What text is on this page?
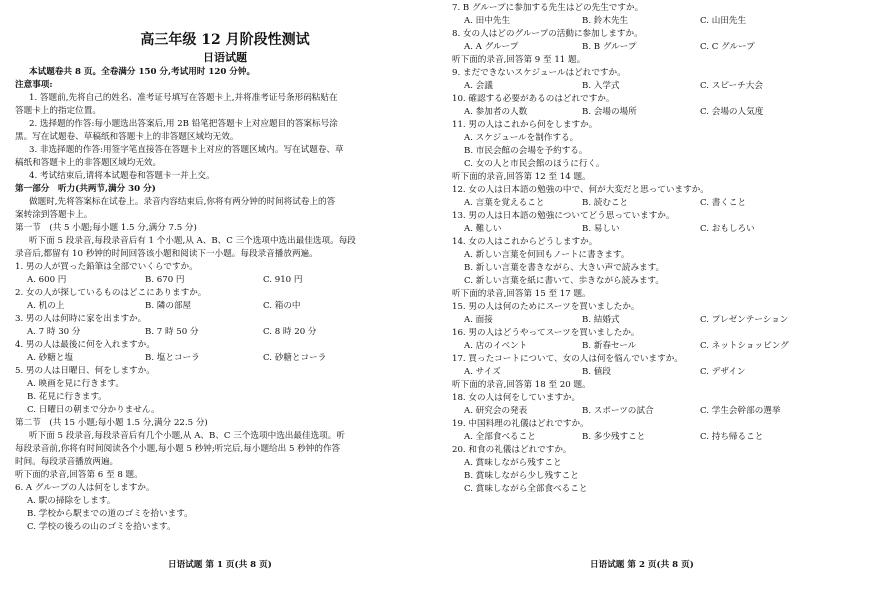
高三年级 12 月阶段性测试
日语试题
本试题卷共 8 页。全卷满分 150 分,考试用时 120 分钟。
注意事项:
1. 答题前,先将自己的姓名、准考证号填写在答题卡上,并将准考证号条形码粘贴在
答题卡上的指定位置。
2. 选择题的作答:每小题选出答案后,用 2B 铅笔把答题卡上对应题目的答案标号涂
黑。写在试题卷、草稿纸和答题卡上的非答题区域均无效。
3. 非选择题的作答:用签字笔直接答在答题卡上对应的答题区域内。写在试题卷、草
稿纸和答题卡上的非答题区域均无效。
4. 考试结束后,请将本试题卷和答题卡一并上交。
第一部分　听力(共两节,满分 30 分)
做题时,先将答案标在试卷上。录音内容结束后,你将有两分钟的时间将试卷上的答
案转涂到答题卡上。
第一节　(共 5 小题;每小题 1.5 分,满分 7.5 分)
听下面 5 段录音,每段录音后有 1 个小题,从 A、B、C 三个选项中选出最佳选项。每段
录音后,都留有 10 秒钟的时间回答该小题和阅读下一小题。每段录音播放两遍。
1. 男の人が買った鉛筆は全部でいくらですか。
A. 600 円	B. 670 円	C. 910 円
2. 女の人が探しているものはどこにありますか。
A. 机の上	B. 隣の部屋	C. 箱の中
3. 男の人は何時に家を出ますか。
A. 7 時 30 分	B. 7 時 50 分	C. 8 時 20 分
4. 男の人は最後に何を入れますか。
A. 砂糖と塩	B. 塩とコーラ	C. 砂糖とコーラ
5. 男の人は日曜日、何をしますか。
A. 映画を見に行きます。
B. 花見に行きます。
C. 日曜日の朝まで分かりません。
第二节　(共 15 小题;每小题 1.5 分,满分 22.5 分)
听下面 5 段录音,每段录音后有几个小题,从 A、B、C 三个选项中选出最佳选项。听
每段录音前,你将有时间阅读各个小题,每小题 5 秒钟;听完后,每小题给出 5 秒钟的作答
时间。每段录音播放两遍。
听下面的录音,回答第 6 至 8 题。
6. A グループの人は何をしますか。
A. 駅の掃除をします。
B. 学校から駅までの道のゴミを拾います。
C. 学校の後ろの山のゴミを拾います。
日语试题 第 1 页(共 8 页)
7. B グループに参加する先生はどの先生ですか。
A. 田中先生	B. 鈴木先生	C. 山田先生
8. 女の人はどのグループの活動に参加しますか。
A. A グループ	B. B グループ	C. C グループ
听下面的录音,回答第 9 至 11 题。
9. まだできないスケジュールはどれですか。
A. 会議	B. 入学式	C. スピーチ大会
10. 確認する必要があるのはどれですか。
A. 参加者の人数	B. 会場の場所	C. 会場の人気度
11. 男の人はこれから何をしますか。
A. スケジュールを制作する。
B. 市民会館の会場を予約する。
C. 女の人と市民会館のほうに行く。
听下面的录音,回答第 12 至 14 题。
12. 女の人は日本語の勉強の中で、何が大変だと思っていますか。
A. 言葉を覚えること	B. 読むこと	C. 書くこと
13. 男の人は日本語の勉強についてどう思っていますか。
A. 難しい	B. 易しい	C. おもしろい
14. 女の人はこれからどうしますか。
A. 新しい言葉を何回もノートに書きます。
B. 新しい言葉を書きながら、大きい声で読みます。
C. 新しい言葉を紙に書いて、歩きながら読みます。
听下面的录音,回答第 15 至 17 题。
15. 男の人は何のためにスーツを買いましたか。
A. 面接	B. 結婚式	C. プレゼンテーション
16. 男の人はどうやってスーツを買いましたか。
A. 店のイベント	B. 新春セール	C. ネットショッピング
17. 買ったコートについて、女の人は何を悩んでいますか。
A. サイズ	B. 値段	C. デザイン
听下面的录音,回答第 18 至 20 题。
18. 女の人は何をしていますか。
A. 研究会の発表	B. スポーツの試合	C. 学生会幹部の選挙
19. 中国料理の礼儀はどれですか。
A. 全部食べること	B. 多少残すこと	C. 持ち帰ること
20. 和食の礼儀はどれですか。
A. 賞味しながら残すこと
B. 賞味しながら少し残すこと
C. 賞味しながら全部食べること
日语试题 第 2 页(共 8 页)
